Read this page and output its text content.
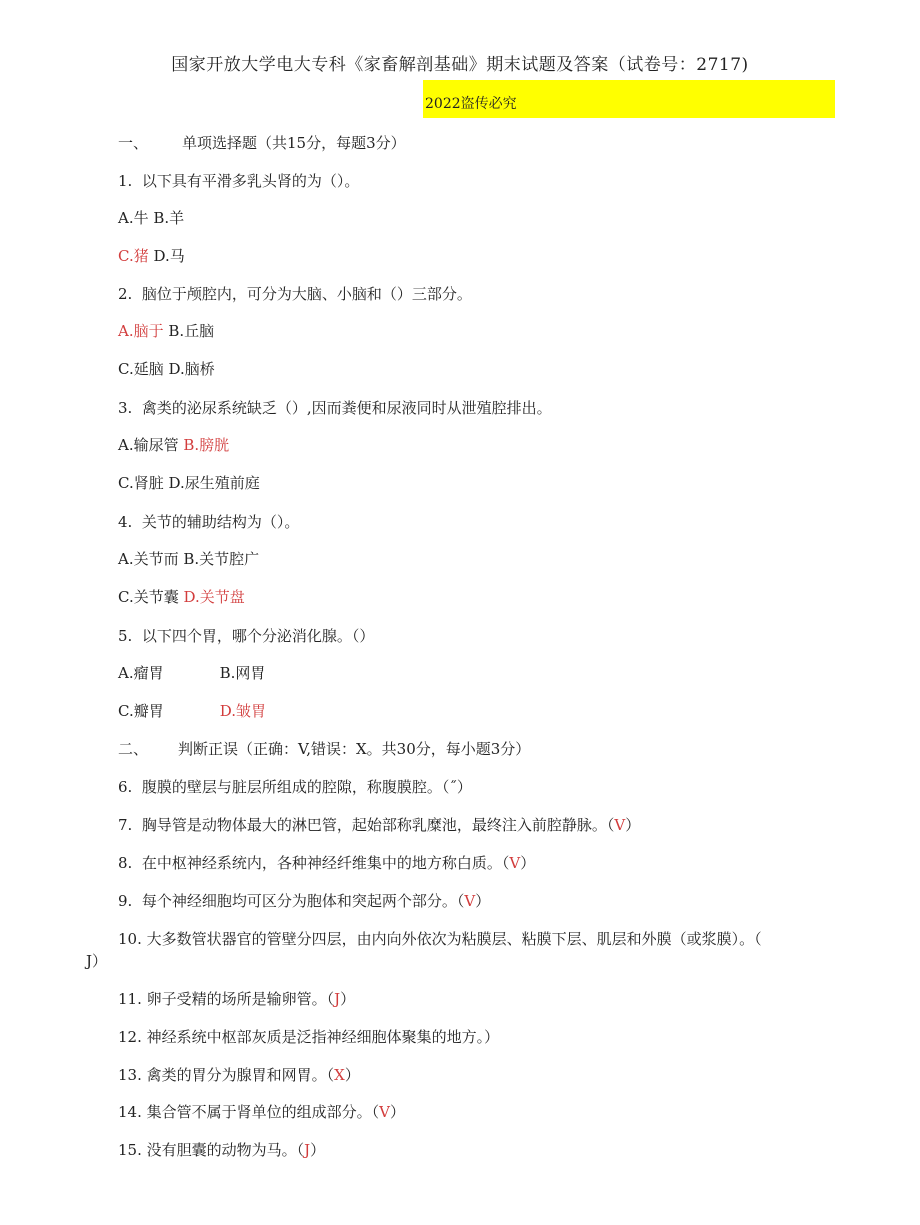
国家开放大学电大专科《家畜解剖基础》期末试题及答案（试卷号：2717)
2022盗传必究
一、 单项选择题（共15分，每题3分）
1.  以下具有平滑多乳头肾的为（）。
A.牛 B.羊
C.猪 D.马
2.  脑位于颅腔内，可分为大脑、小脑和（）三部分。
A.脑于 B.丘脑
C.延脑 D.脑桥
3.  禽类的泌尿系统缺乏（）,因而粪便和尿液同时从泄殖腔排出。
A.输尿管 B.膀胱
C.肾脏 D.尿生殖前庭
4.  关节的辅助结构为（）。
A.关节而 B.关节腔广
C.关节囊 D.关节盘
5.  以下四个胃，哪个分泌消化腺。（）
A.瘤胃	B.网胃
C.瓣胃	D.皱胃
二、 判断正误（正确：V,错误：X。共30分，每小题3分）
6.  腹膜的壁层与脏层所组成的腔隙，称腹膜腔。（˝）
7.  胸导管是动物体最大的淋巴管，起始部称乳糜池，最终注入前腔静脉。（V）
8.  在中枢神经系统内，各种神经纤维集中的地方称白质。（V）
9.  每个神经细胞均可区分为胞体和突起两个部分。（V）
10. 大多数管状器官的管壁分四层，由内向外依次为粘膜层、粘膜下层、肌层和外膜（或浆膜）。（
J）
11. 卵子受精的场所是输卵管。（J）
12. 神经系统中枢部灰质是泛指神经细胞体聚集的地方。）
13. 禽类的胃分为腺胃和网胃。（X）
14. 集合管不属于肾单位的组成部分。（V）
15. 没有胆囊的动物为马。（J）
